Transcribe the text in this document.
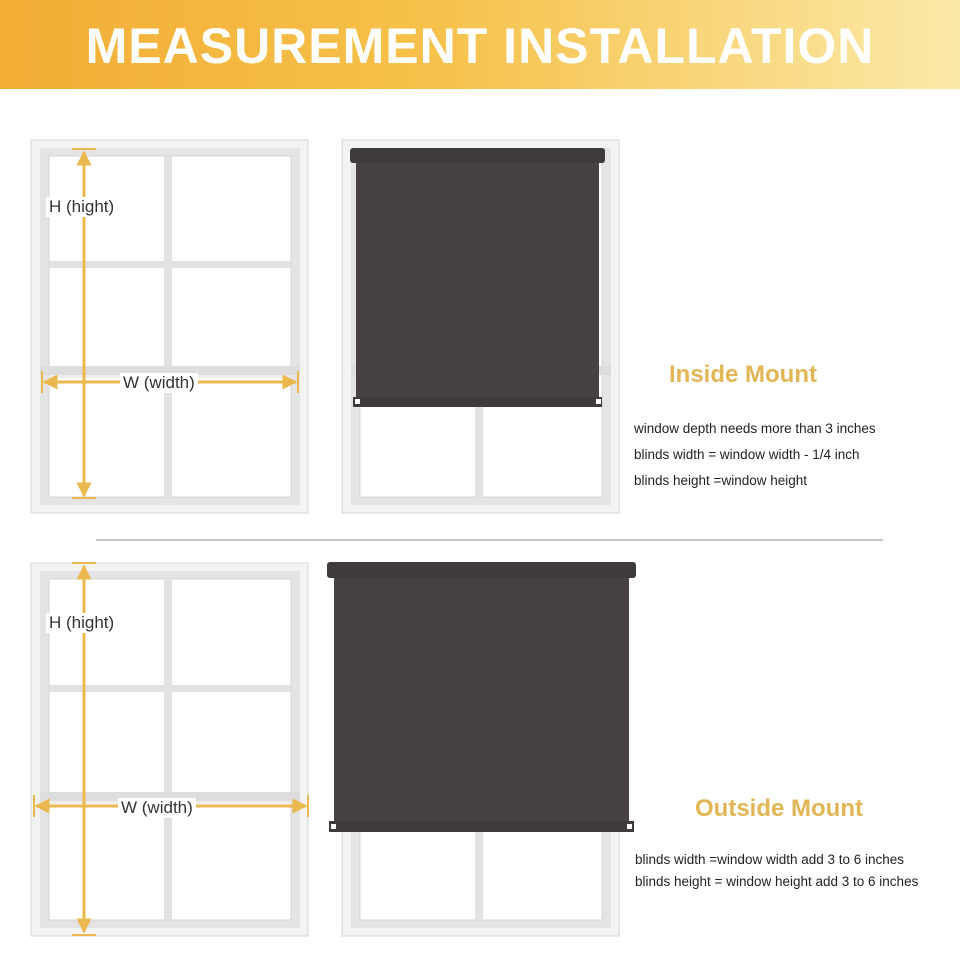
MEASUREMENT INSTALLATION
H (hight)
W (width)
H (hight)
W (width)
Inside Mount
window depth needs more than 3 inches
blinds width = window width - 1/4 inch
blinds height =window height
Outside Mount
blinds width =window width add 3 to 6 inches
blinds height = window height add 3 to 6 inches
